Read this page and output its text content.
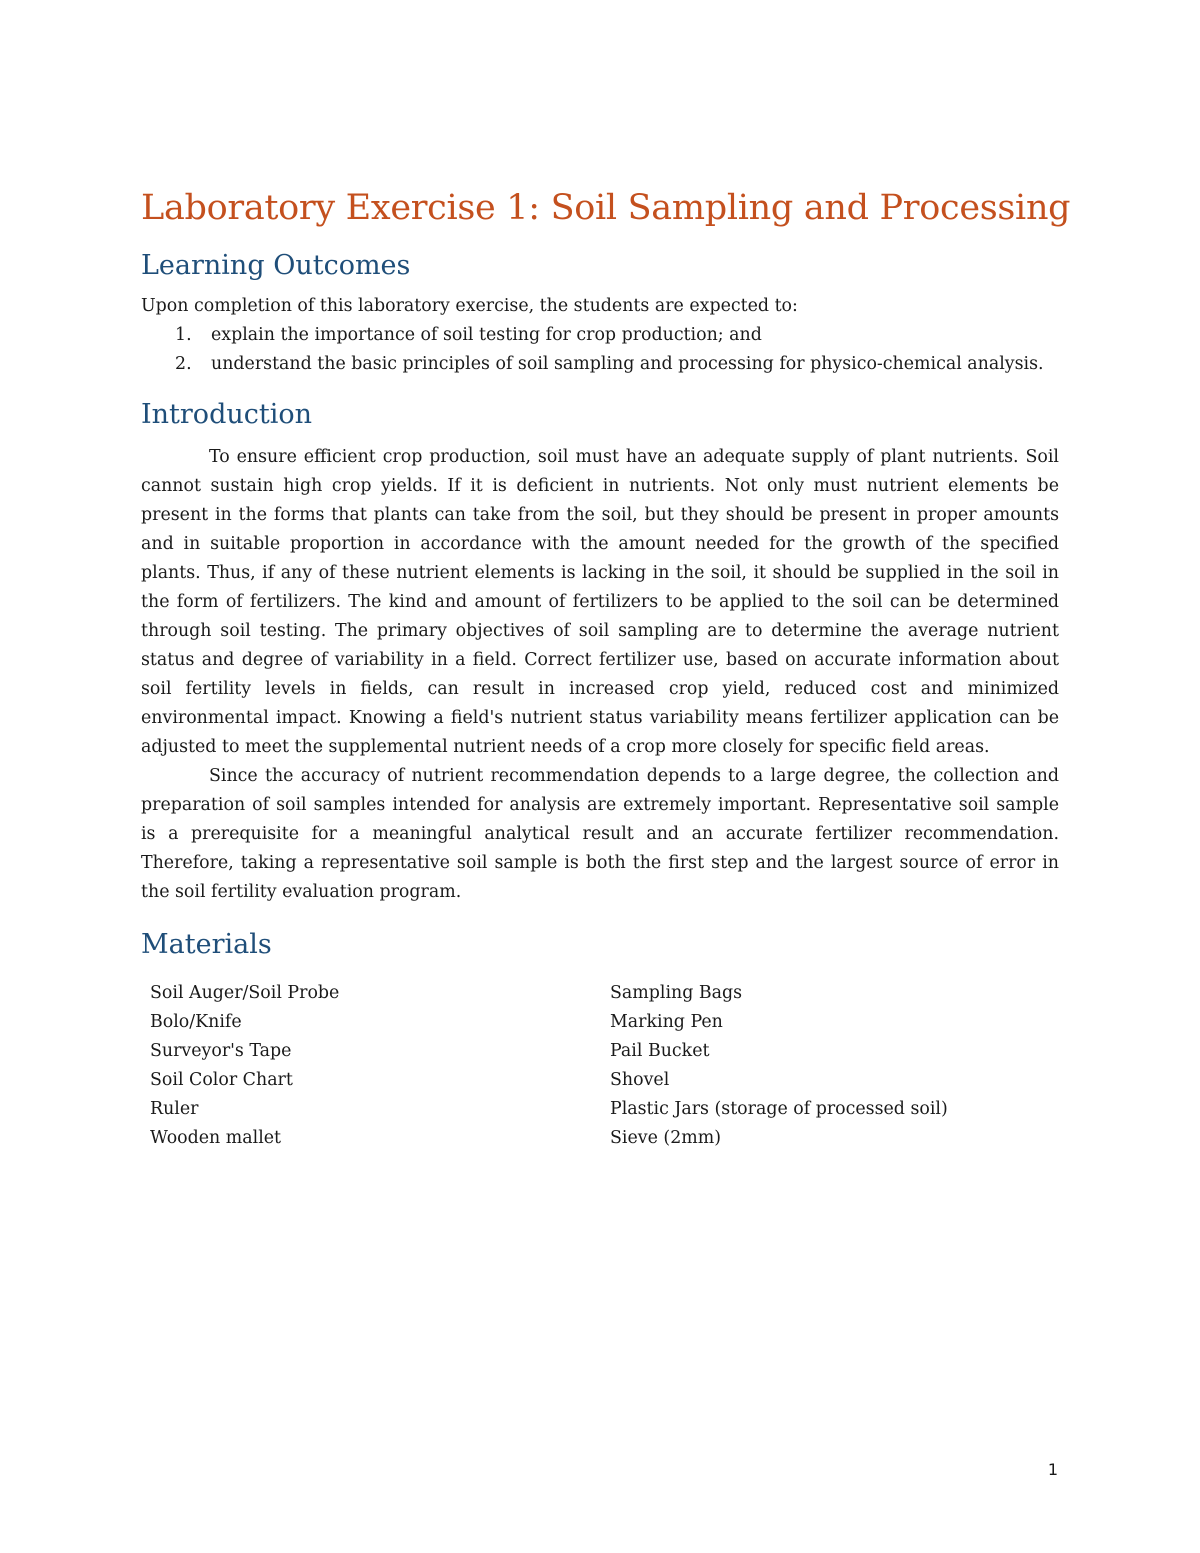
Laboratory Exercise 1: Soil Sampling and Processing
Learning Outcomes

Upon completion of this laboratory exercise, the students are expected to:

1. explain the importance of soil testing for crop production; and
2. understand the basic principles of soil sampling and processing for physico-chemical analysis.
Introduction

To ensure efficient crop production, soil must have an adequate supply of plant nutrients. Soil cannot sustain high crop yields. If it is deficient in nutrients. Not only must nutrient elements be present in the forms that plants can take from the soil, but they should be present in proper amounts and in suitable proportion in accordance with the amount needed for the growth of the specified plants. Thus, if any of these nutrient elements is lacking in the soil, it should be supplied in the soil in the form of fertilizers. The kind and amount of fertilizers to be applied to the soil can be determined through soil testing. The primary objectives of soil sampling are to determine the average nutrient status and degree of variability in a field. Correct fertilizer use, based on accurate information about soil fertility levels in fields, can result in increased crop yield, reduced cost and minimized environmental impact. Knowing a field's nutrient status variability means fertilizer application can be adjusted to meet the supplemental nutrient needs of a crop more closely for specific field areas.

Since the accuracy of nutrient recommendation depends to a large degree, the collection and preparation of soil samples intended for analysis are extremely important. Representative soil sample is a prerequisite for a meaningful analytical result and an accurate fertilizer recommendation. Therefore, taking a representative soil sample is both the first step and the largest source of error in the soil fertility evaluation program.

Materials
Soil Auger/Soil Probe
Bolo/Knife
Surveyor's Tape
Soil Color Chart
Ruler
Wooden mallet
Sampling Bags
Marking Pen
Pail Bucket
Shovel
Plastic Jars (storage of processed soil)
Sieve (2mm)
1
